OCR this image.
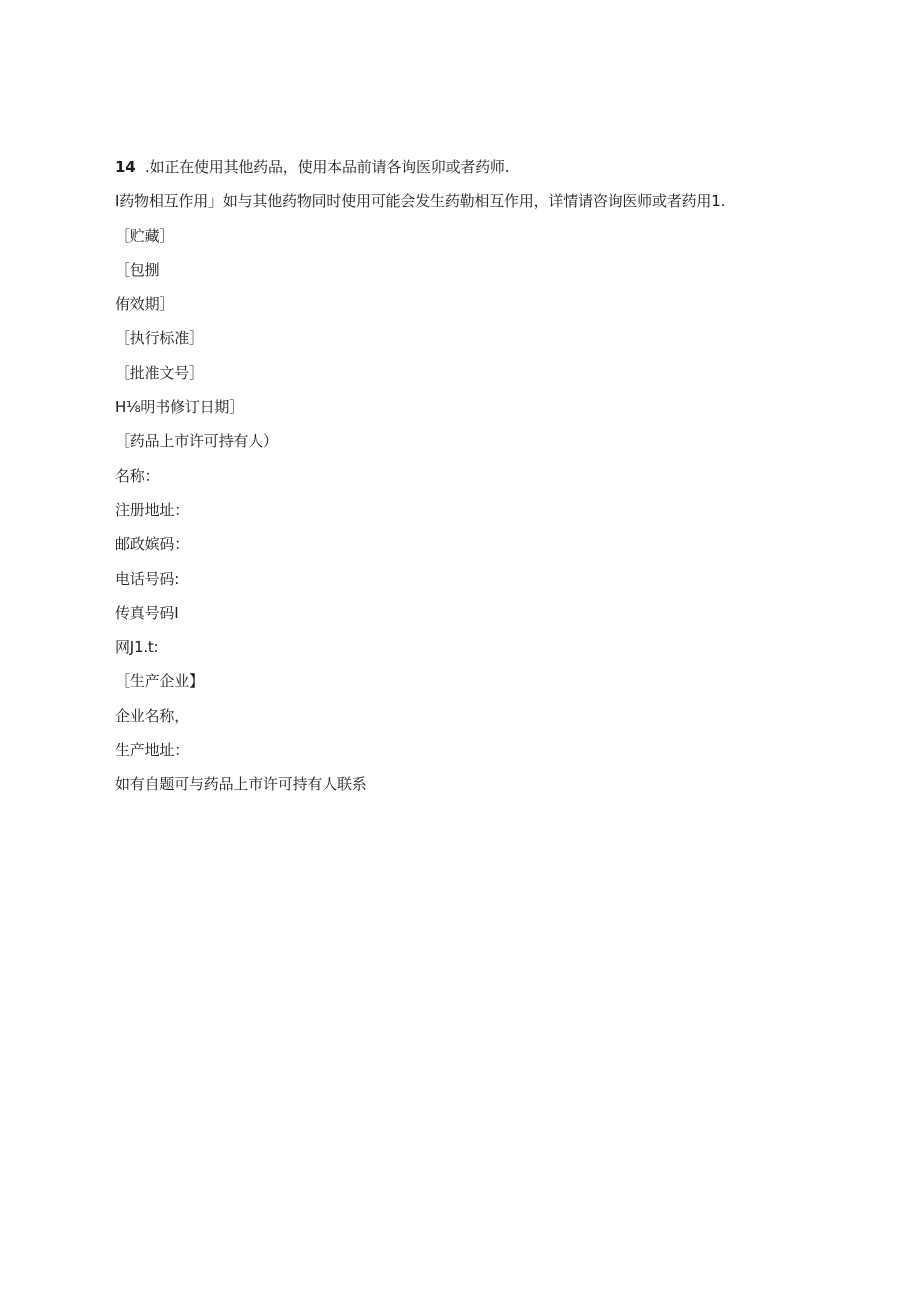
14 .如正在使用其他药品，使用本品前请各询医卯或者药师.
I药物相互作用」如与其他药物同时使用可能会发生药勒相互作用，详情请咨询医师或者药用1.
［贮藏］
［包捌
侑效期］
［执行标准］
［批准文号］
H⅛明书修订日期］
［药品上市许可持有人）
名称：
注册地址：
邮政嫔码：
电话号码:
传真号码I
网J1.t:
［生产企业】
企业名称，
生产地址：
如有自题可与药品上市许可持有人联系
